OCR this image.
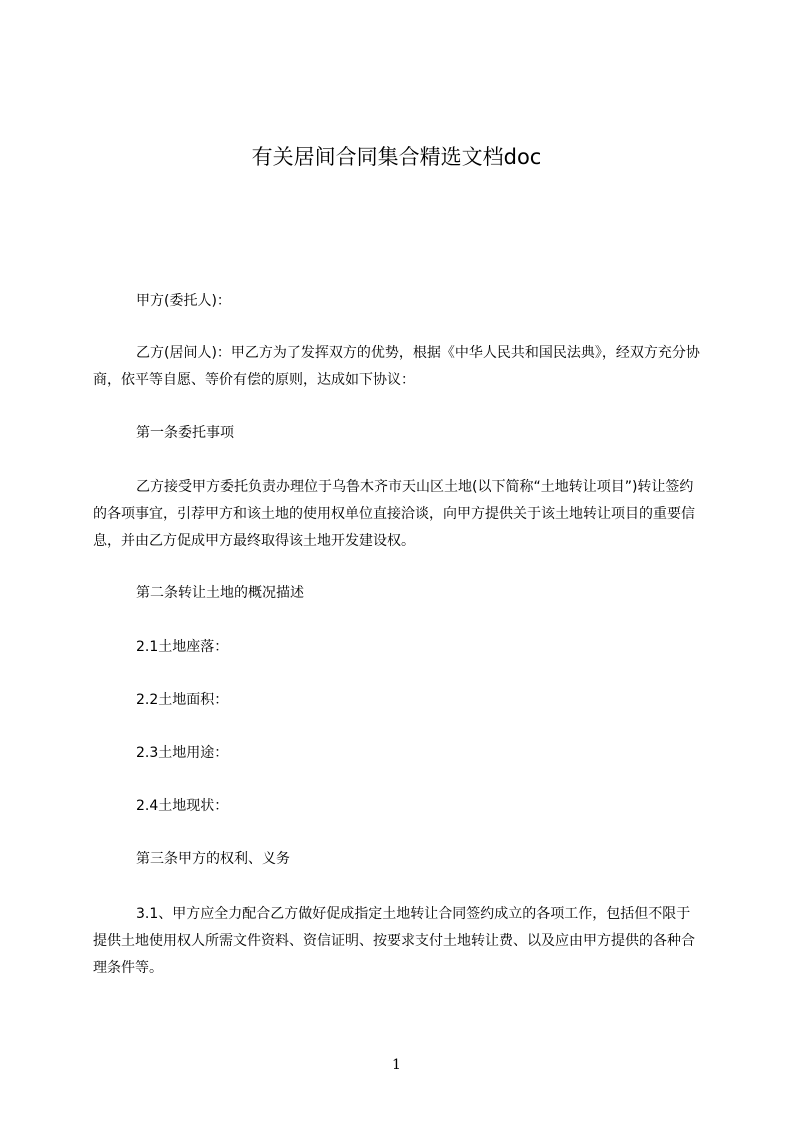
有关居间合同集合精选文档doc

甲方(委托人)：

乙方(居间人)：甲乙方为了发挥双方的优势，根据《中华人民共和国民法典》，经双方充分协商，依平等自愿、等价有偿的原则，达成如下协议：

第一条委托事项

乙方接受甲方委托负责办理位于乌鲁木齐市天山区土地(以下简称“土地转让项目”)转让签约的各项事宜，引荐甲方和该土地的使用权单位直接洽谈，向甲方提供关于该土地转让项目的重要信息，并由乙方促成甲方最终取得该土地开发建设权。

第二条转让土地的概况描述

2.1土地座落：

2.2土地面积：

2.3土地用途：

2.4土地现状：

第三条甲方的权利、义务

3.1、甲方应全力配合乙方做好促成指定土地转让合同签约成立的各项工作，包括但不限于提供土地使用权人所需文件资料、资信证明、按要求支付土地转让费、以及应由甲方提供的各种合理条件等。

1
